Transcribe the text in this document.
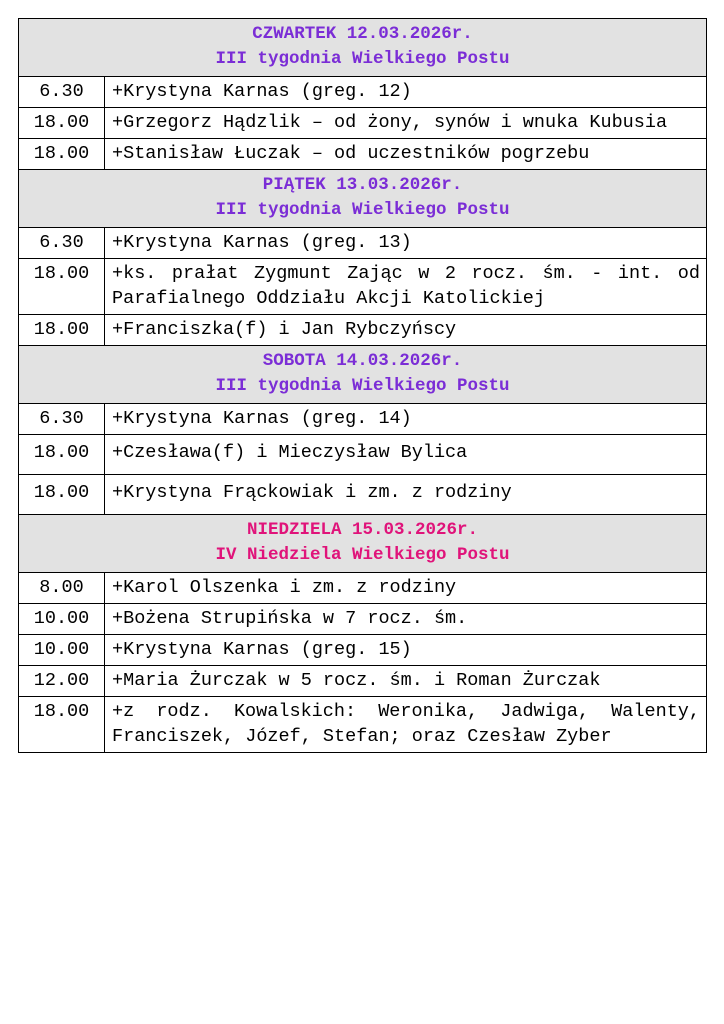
CZWARTEK 12.03.2026r.
III tygodnia Wielkiego Postu	

6.30	+Krystyna Karnas (greg. 12)
18.00	+Grzegorz Hądzlik – od żony, synów i wnuka Kubusia
18.00	+Stanisław Łuczak – od uczestników pogrzebu

PIĄTEK 13.03.2026r.
III tygodnia Wielkiego Postu	

6.30	+Krystyna Karnas (greg. 13)
18.00	+ks. prałat Zygmunt Zając w 2 rocz. śm. - int. od Parafialnego Oddziału Akcji Katolickiej
18.00	+Franciszka(f) i Jan Rybczyńscy

SOBOTA 14.03.2026r.
III tygodnia Wielkiego Postu	

6.30	+Krystyna Karnas (greg. 14)
18.00	+Czesława(f) i Mieczysław Bylica
18.00	+Krystyna Frąckowiak i zm. z rodziny

NIEDZIELA 15.03.2026r.
IV Niedziela Wielkiego Postu	

8.00	+Karol Olszenka i zm. z rodziny
10.00	+Bożena Strupińska w 7 rocz. śm.
10.00	+Krystyna Karnas (greg. 15)
12.00	+Maria Żurczak w 5 rocz. śm. i Roman Żurczak
18.00	+z rodz. Kowalskich: Weronika, Jadwiga, Walenty, Franciszek, Józef, Stefan; oraz Czesław Zyber
